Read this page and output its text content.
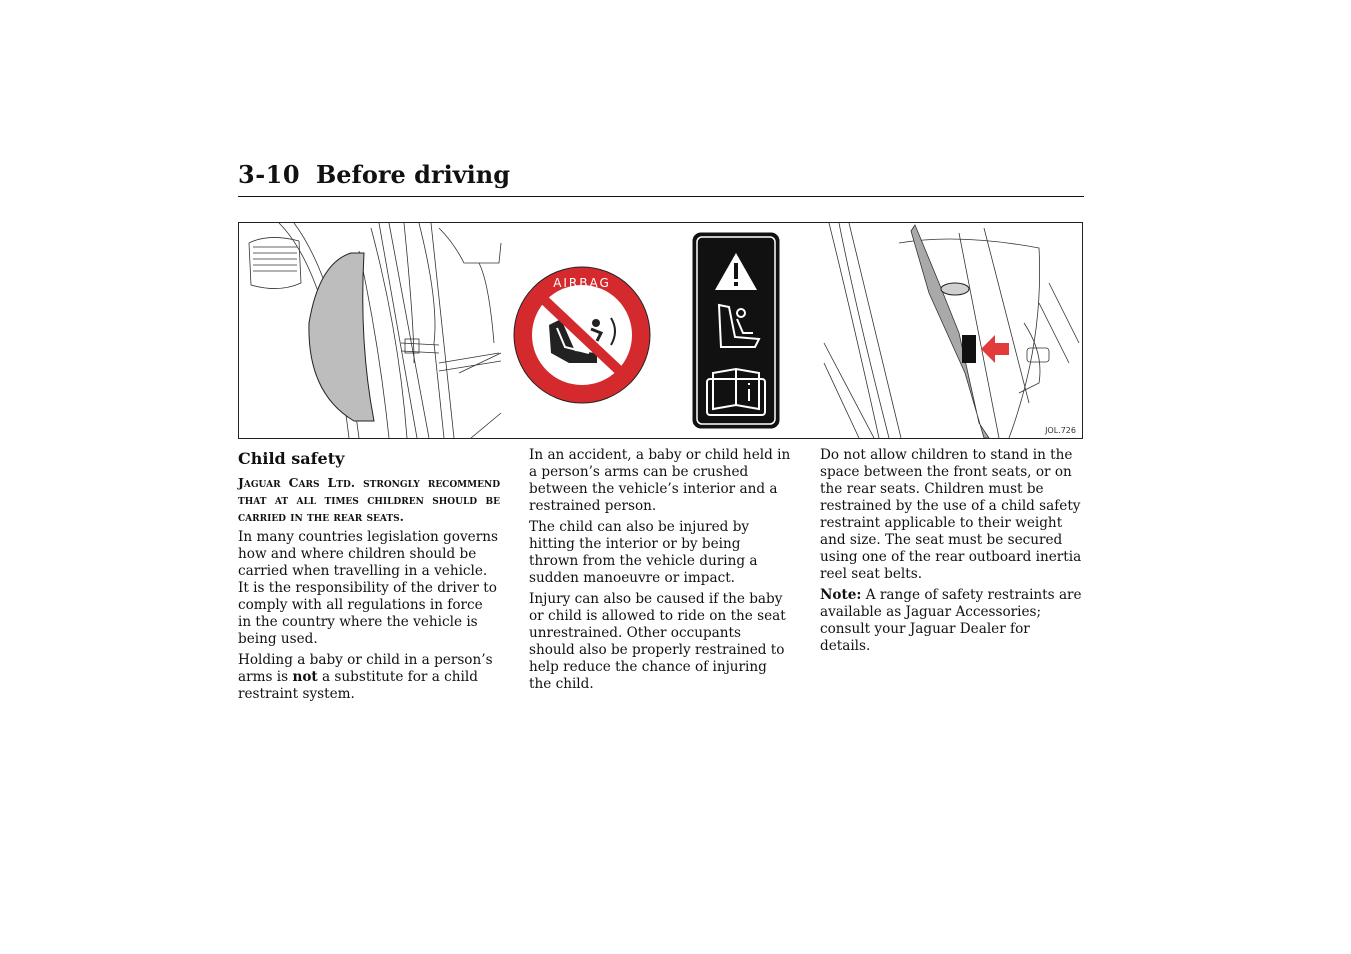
3-10 Before driving
AIRBAG
JOL.726
Child safety

Jaguar Cars Ltd. strongly recommend that at all times children should be carried in the rear seats.

In many countries legislation governs how and where children should be carried when travelling in a vehicle. It is the responsibility of the driver to comply with all regulations in force in the country where the vehicle is being used.

Holding a baby or child in a person’s arms is not a substitute for a child restraint system.

In an accident, a baby or child held in a person’s arms can be crushed between the vehicle’s interior and a restrained person.

The child can also be injured by hitting the interior or by being thrown from the vehicle during a sudden manoeuvre or impact.

Injury can also be caused if the baby or child is allowed to ride on the seat unrestrained. Other occupants should also be properly restrained to help reduce the chance of injuring the child.

Do not allow children to stand in the space between the front seats, or on the rear seats. Children must be restrained by the use of a child safety restraint applicable to their weight and size. The seat must be secured using one of the rear outboard inertia reel seat belts.

Note: A range of safety restraints are available as Jaguar Accessories; consult your Jaguar Dealer for details.
